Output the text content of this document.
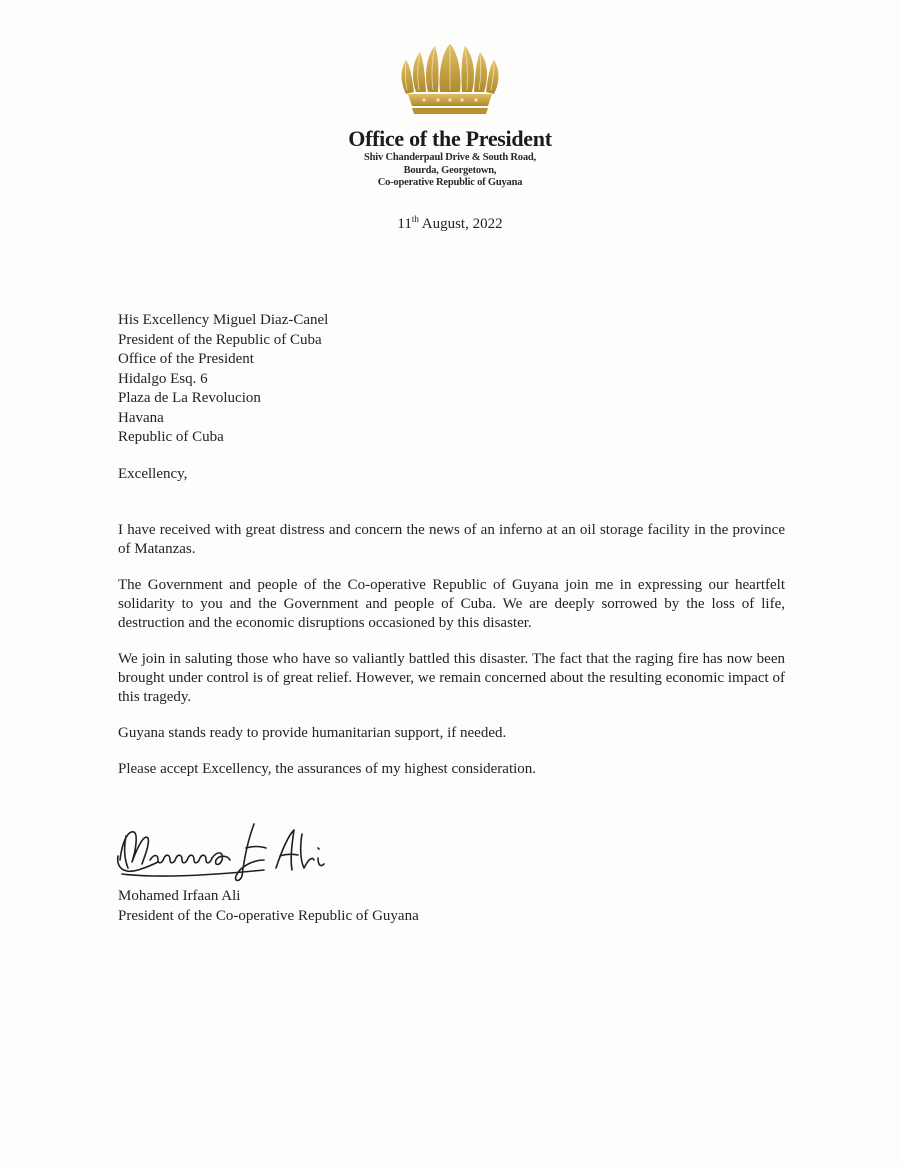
Office of the President
Shiv Chanderpaul Drive & South Road,
Bourda, Georgetown,
Co-operative Republic of Guyana
11th August, 2022
His Excellency Miguel Diaz-Canel
President of the Republic of Cuba
Office of the President
Hidalgo Esq. 6
Plaza de La Revolucion
Havana
Republic of Cuba
Excellency,

I have received with great distress and concern the news of an inferno at an oil storage facility in the province of Matanzas.

The Government and people of the Co-operative Republic of Guyana join me in expressing our heartfelt solidarity to you and the Government and people of Cuba. We are deeply sorrowed by the loss of life, destruction and the economic disruptions occasioned by this disaster.

We join in saluting those who have so valiantly battled this disaster. The fact that the raging fire has now been brought under control is of great relief. However, we remain concerned about the resulting economic impact of this tragedy.

Guyana stands ready to provide humanitarian support, if needed.

Please accept Excellency, the assurances of my highest consideration.

Mohamed Irfaan Ali
President of the Co-operative Republic of Guyana
